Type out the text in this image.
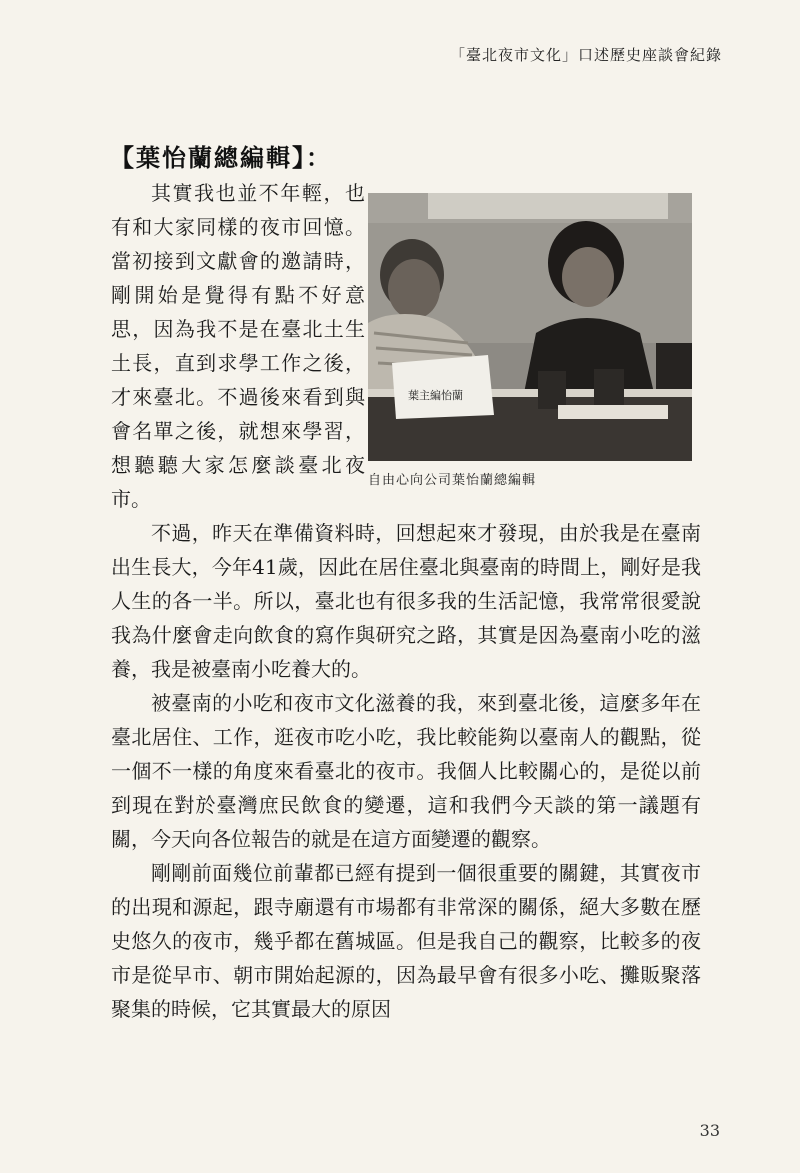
「臺北夜市文化」口述歷史座談會紀錄
【葉怡蘭總編輯】：
葉主編怡蘭
自由心向公司葉怡蘭總編輯

其實我也並不年輕，也有和大家同樣的夜市回憶。當初接到文獻會的邀請時，剛開始是覺得有點不好意思，因為我不是在臺北土生土長，直到求學工作之後，才來臺北。不過後來看到與會名單之後，就想來學習，想聽聽大家怎麼談臺北夜市。

不過，昨天在準備資料時，回想起來才發現，由於我是在臺南出生長大，今年41歲，因此在居住臺北與臺南的時間上，剛好是我人生的各一半。所以，臺北也有很多我的生活記憶，我常常很愛說我為什麼會走向飲食的寫作與研究之路，其實是因為臺南小吃的滋養，我是被臺南小吃養大的。

被臺南的小吃和夜市文化滋養的我，來到臺北後，這麼多年在臺北居住、工作，逛夜市吃小吃，我比較能夠以臺南人的觀點，從一個不一樣的角度來看臺北的夜市。我個人比較關心的，是從以前到現在對於臺灣庶民飲食的變遷，這和我們今天談的第一議題有關，今天向各位報告的就是在這方面變遷的觀察。

剛剛前面幾位前輩都已經有提到一個很重要的關鍵，其實夜市的出現和源起，跟寺廟還有市場都有非常深的關係，絕大多數在歷史悠久的夜市，幾乎都在舊城區。但是我自己的觀察，比較多的夜市是從早市、朝市開始起源的，因為最早會有很多小吃、攤販聚落聚集的時候，它其實最大的原因

33
